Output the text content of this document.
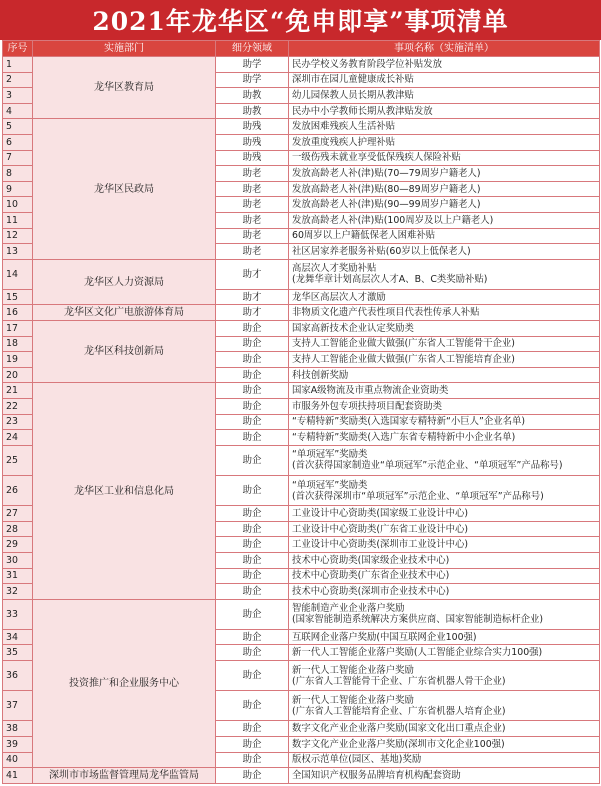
2021年龙华区“免申即享”事项清单
序号	实施部门	细分领域	事项名称（实施清单）
1	龙华区教育局	助学	民办学校义务教育阶段学位补贴发放
2		助学	深圳市在园儿童健康成长补贴
3		助教	幼儿园保教人员长期从教津贴
4		助教	民办中小学教师长期从教津贴发放
5	龙华区民政局	助残	发放困难残疾人生活补贴
6		助残	发放重度残疾人护理补贴
7		助残	一级伤残未就业享受低保残疾人保险补贴
8		助老	发放高龄老人补(津)贴(70—79周岁户籍老人)
9		助老	发放高龄老人补(津)贴(80—89周岁户籍老人)
10		助老	发放高龄老人补(津)贴(90—99周岁户籍老人)
11		助老	发放高龄老人补(津)贴(100周岁及以上户籍老人)
12		助老	60周岁以上户籍低保老人困难补贴
13		助老	社区居家养老服务补贴(60岁以上低保老人)
14	龙华区人力资源局	助才	高层次人才奖励补贴
(龙舞华章计划高层次人才A、B、C类奖励补贴)
15		助才	龙华区高层次人才激励
16	龙华区文化广电旅游体育局	助才	非物质文化遗产代表性项目代表性传承人补贴
17	龙华区科技创新局	助企	国家高新技术企业认定奖励类
18		助企	支持人工智能企业做大做强(广东省人工智能骨干企业)
19		助企	支持人工智能企业做大做强(广东省人工智能培育企业)
20		助企	科技创新奖励
21	龙华区工业和信息化局	助企	国家A级物流及市重点物流企业资助类
22		助企	市服务外包专项扶持项目配套资助类
23		助企	“专精特新”奖励类(入选国家专精特新“小巨人”企业名单)
24		助企	“专精特新”奖励类(入选广东省专精特新中小企业名单)
25		助企	“单项冠军”奖励类
(首次获得国家制造业“单项冠军”示范企业、“单项冠军”产品称号)
26		助企	“单项冠军”奖励类
(首次获得深圳市“单项冠军”示范企业、“单项冠军”产品称号)
27		助企	工业设计中心资助类(国家级工业设计中心)
28		助企	工业设计中心资助类(广东省工业设计中心)
29		助企	工业设计中心资助类(深圳市工业设计中心)
30		助企	技术中心资助类(国家级企业技术中心)
31		助企	技术中心资助类(广东省企业技术中心)
32		助企	技术中心资助类(深圳市企业技术中心)
33	投资推广和企业服务中心	助企	智能制造产业企业落户奖励
(国家智能制造系统解决方案供应商、国家智能制造标杆企业)
34		助企	互联网企业落户奖励(中国互联网企业100强)
35		助企	新一代人工智能企业落户奖励(人工智能企业综合实力100强)
36		助企	新一代人工智能企业落户奖励
(广东省人工智能骨干企业、广东省机器人骨干企业)
37		助企	新一代人工智能企业落户奖励
(广东省人工智能培育企业、广东省机器人培育企业)
38		助企	数字文化产业企业落户奖励(国家文化出口重点企业)
39		助企	数字文化产业企业落户奖励(深圳市文化企业100强)
40		助企	版权示范单位(园区、基地)奖励
41	深圳市市场监督管理局龙华监管局	助企	全国知识产权服务品牌培育机构配套资助
